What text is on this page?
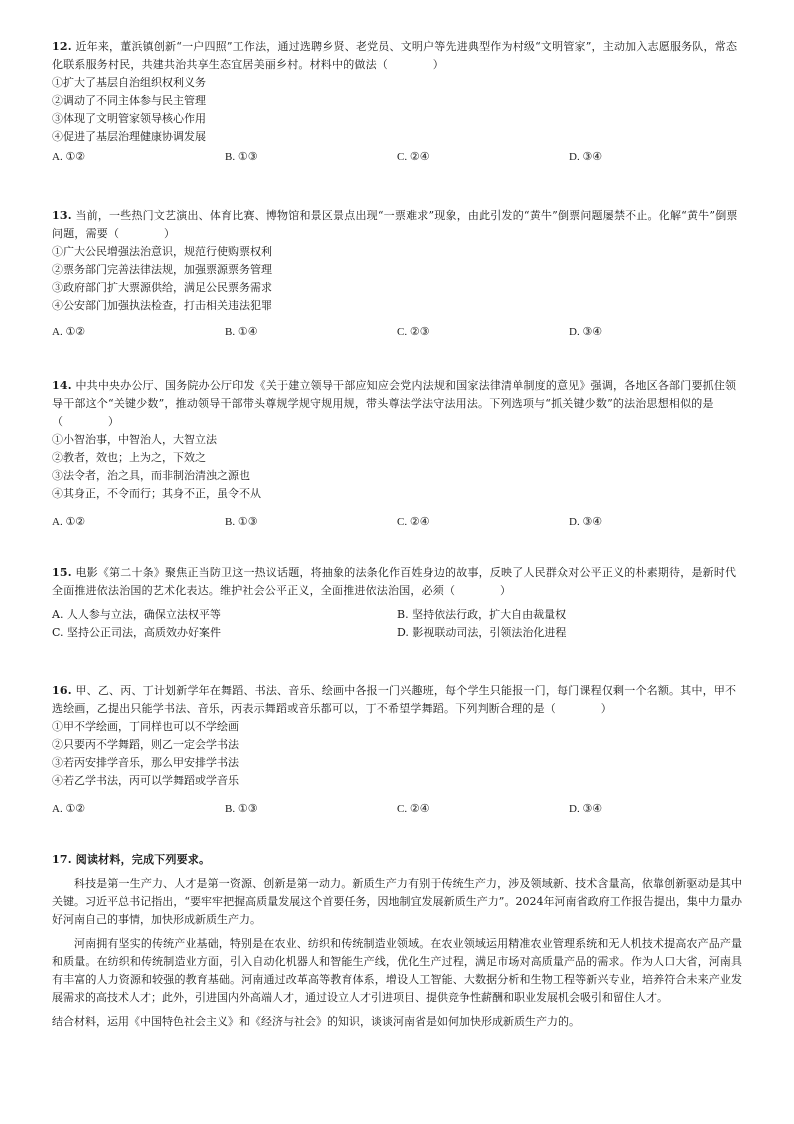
12. 近年来，董浜镇创新“一户四照”工作法，通过选聘乡贤、老党员、文明户等先进典型作为村级“文明管家”，主动加入志愿服务队，常态化联系服务村民，共建共治共享生态宜居美丽乡村。材料中的做法（　　　　）

①扩大了基层自治组织权利义务

②调动了不同主体参与民主管理

③体现了文明管家领导核心作用

④促进了基层治理健康协调发展

A. ①②	B. ①③	C. ②④	D. ③④

13. 当前，一些热门文艺演出、体育比赛、博物馆和景区景点出现“一票难求”现象，由此引发的“黄牛”倒票问题屡禁不止。化解“黄牛”倒票问题，需要（　　　　）

①广大公民增强法治意识，规范行使购票权利

②票务部门完善法律法规，加强票源票务管理

③政府部门扩大票源供给，满足公民票务需求

④公安部门加强执法检查，打击相关违法犯罪

A. ①②	B. ①④	C. ②③	D. ③④

14. 中共中央办公厅、国务院办公厅印发《关于建立领导干部应知应会党内法规和国家法律清单制度的意见》强调，各地区各部门要抓住领导干部这个“关键少数”，推动领导干部带头尊规学规守规用规，带头尊法学法守法用法。下列选项与“抓关键少数”的法治思想相似的是（　　　　）

①小智治事，中智治人，大智立法

②教者，效也；上为之，下效之

③法令者，治之具，而非制治清浊之源也

④其身正，不令而行；其身不正，虽令不从

A. ①②	B. ①③	C. ②④	D. ③④

15. 电影《第二十条》聚焦正当防卫这一热议话题，将抽象的法条化作百姓身边的故事，反映了人民群众对公平正义的朴素期待，是新时代全面推进依法治国的艺术化表达。维护社会公平正义，全面推进依法治国，必须（　　　　）

A. 人人参与立法，确保立法权平等	B. 坚持依法行政，扩大自由裁量权
C. 坚持公正司法，高质效办好案件	D. 影视联动司法，引领法治化进程

16. 甲、乙、丙、丁计划新学年在舞蹈、书法、音乐、绘画中各报一门兴趣班，每个学生只能报一门，每门课程仅剩一个名额。其中，甲不选绘画，乙提出只能学书法、音乐，丙表示舞蹈或音乐都可以，丁不希望学舞蹈。下列判断合理的是（　　　　）

①甲不学绘画，丁同样也可以不学绘画

②只要丙不学舞蹈，则乙一定会学书法

③若丙安排学音乐，那么甲安排学书法

④若乙学书法，丙可以学舞蹈或学音乐

A. ①②	B. ①③	C. ②④	D. ③④

17. 阅读材料，完成下列要求。

科技是第一生产力、人才是第一资源、创新是第一动力。新质生产力有别于传统生产力，涉及领域新、技术含量高，依靠创新驱动是其中关键。习近平总书记指出，“要牢牢把握高质量发展这个首要任务，因地制宜发展新质生产力”。2024年河南省政府工作报告提出，集中力量办好河南自己的事情，加快形成新质生产力。

河南拥有坚实的传统产业基础，特别是在农业、纺织和传统制造业领域。在农业领域运用精准农业管理系统和无人机技术提高农产品产量和质量。在纺织和传统制造业方面，引入自动化机器人和智能生产线，优化生产过程，满足市场对高质量产品的需求。作为人口大省，河南具有丰富的人力资源和较强的教育基础。河南通过改革高等教育体系，增设人工智能、大数据分析和生物工程等新兴专业，培养符合未来产业发展需求的高技术人才；此外，引进国内外高端人才，通过设立人才引进项目、提供竞争性薪酬和职业发展机会吸引和留住人才。

结合材料，运用《中国特色社会主义》和《经济与社会》的知识，谈谈河南省是如何加快形成新质生产力的。
